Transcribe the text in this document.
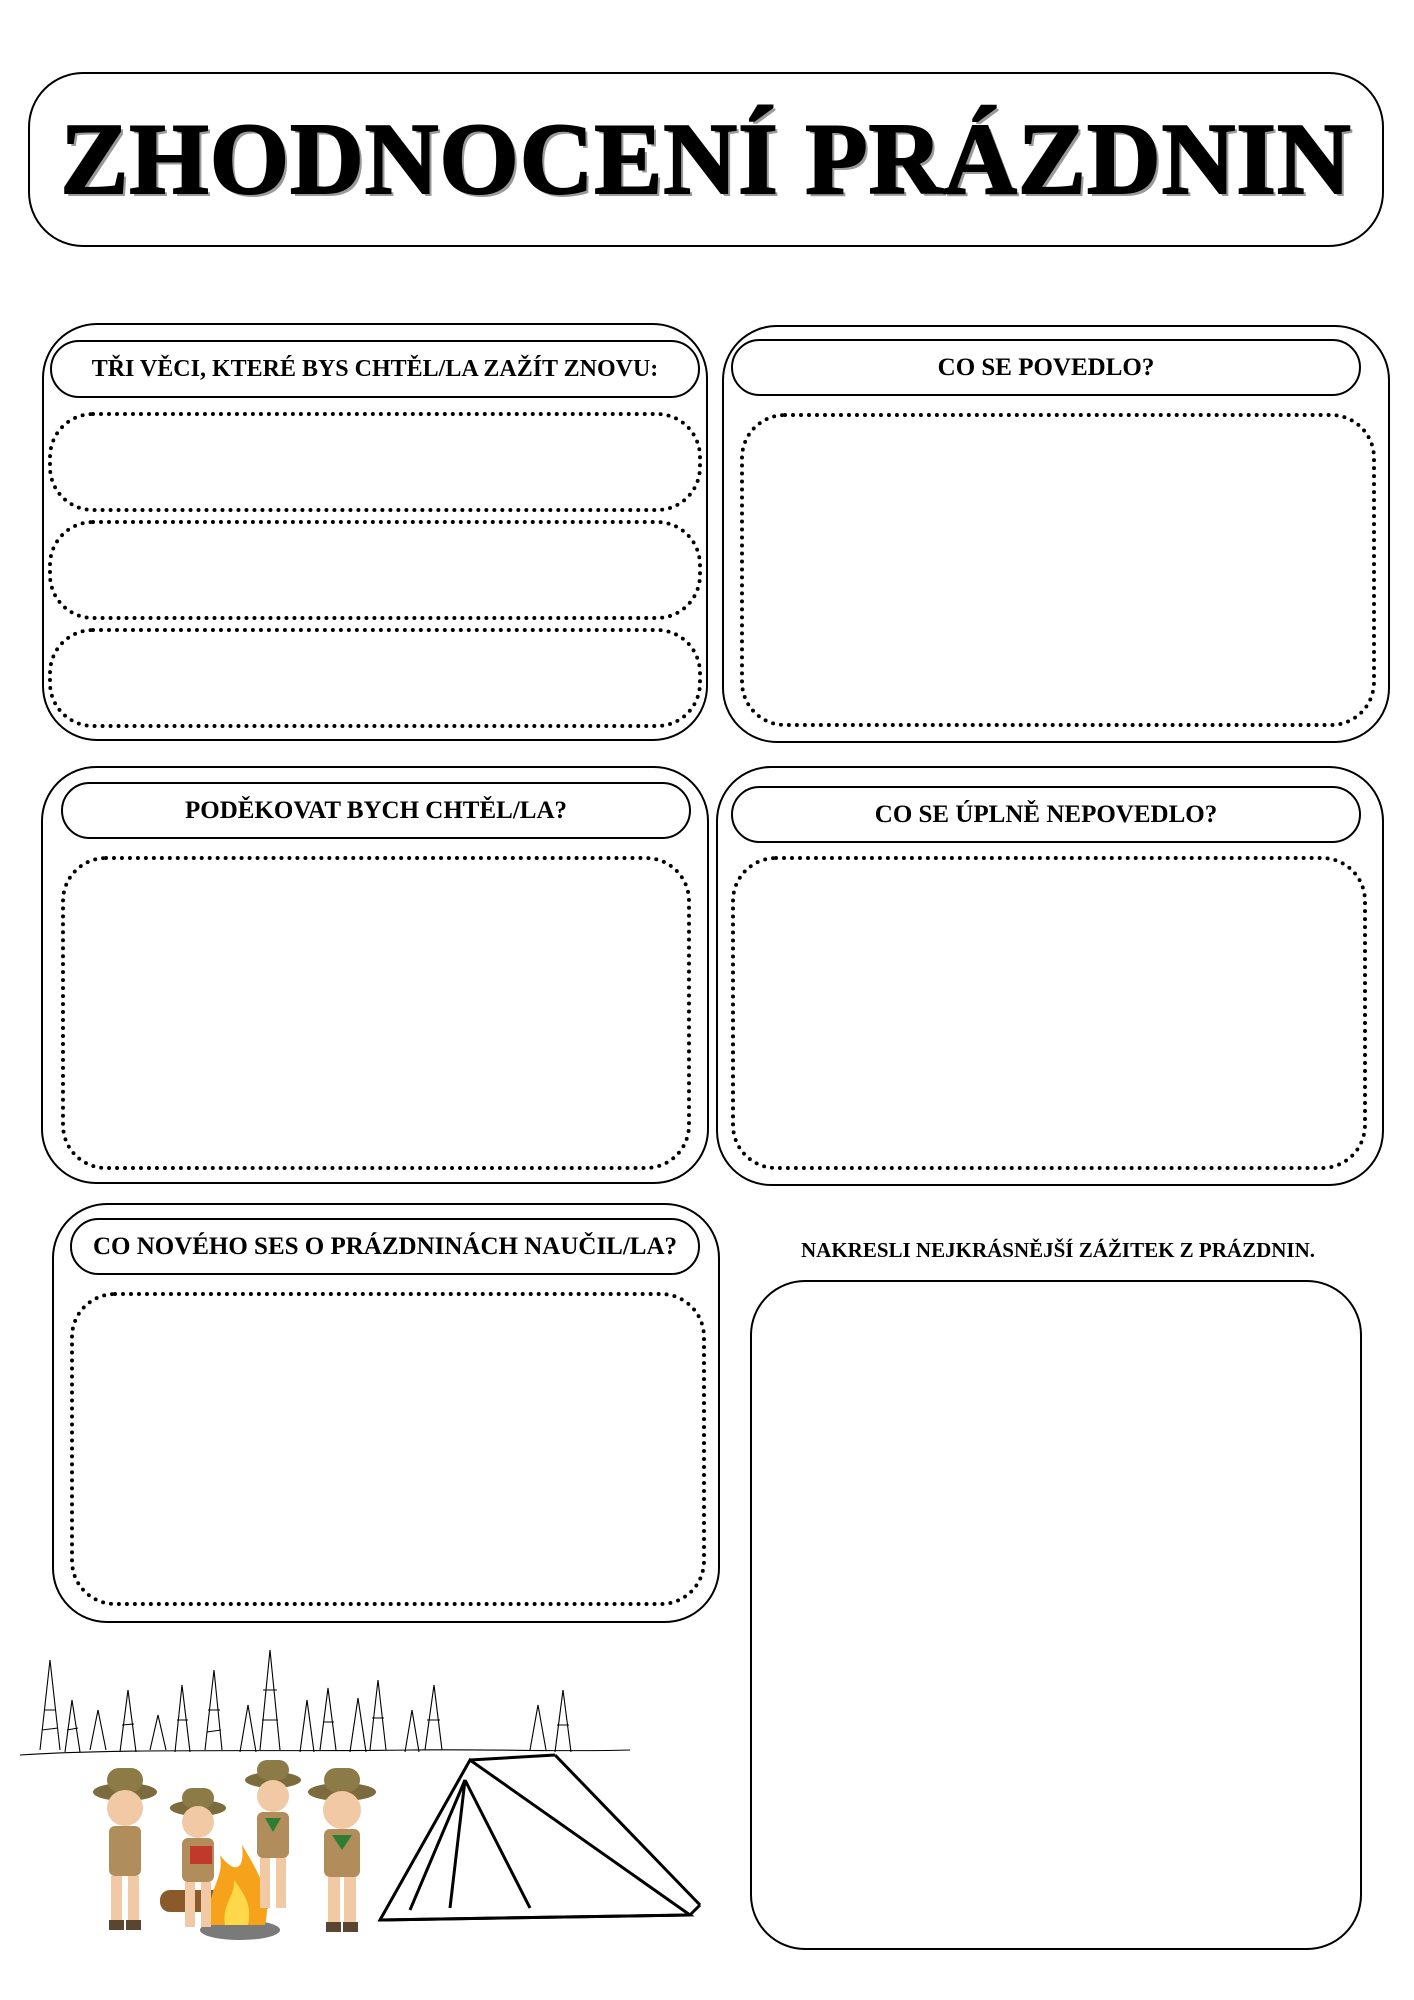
ZHODNOCENÍ PRÁZDNIN
TŘI VĚCI, KTERÉ BYS CHTĚL/LA ZAŽÍT ZNOVU:	CO SE POVEDLO?
PODĚKOVAT BYCH CHTĚL/LA?	CO SE ÚPLNĚ NEPOVEDLO?
CO NOVÉHO SES O PRÁZDNINÁCH NAUČIL/LA?	NAKRESLI NEJKRÁSNĚJŠÍ ZÁŽITEK Z PRÁZDNIN.
